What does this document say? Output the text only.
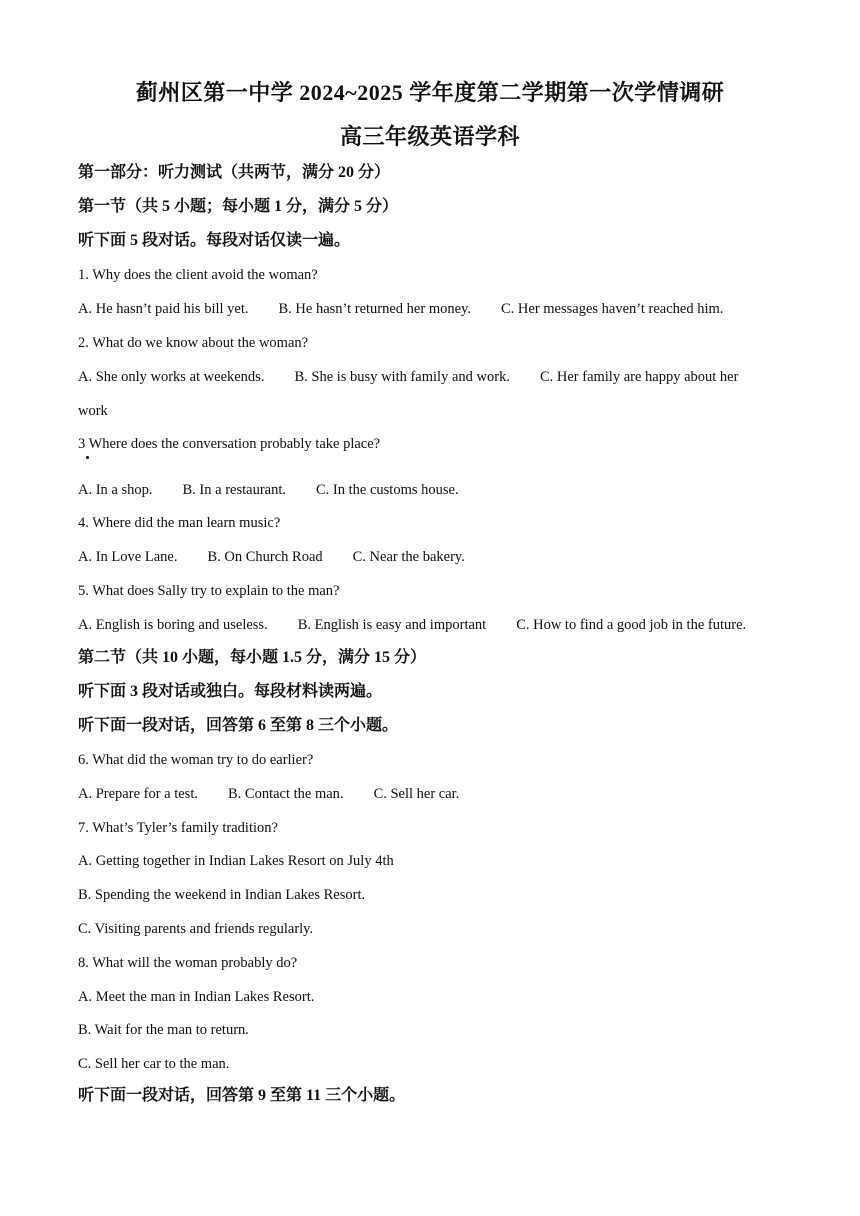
蓟州区第一中学 2024~2025 学年度第二学期第一次学情调研
高三年级英语学科
第一部分：听力测试（共两节，满分 20 分）
第一节（共 5 小题；每小题 1 分，满分 5 分）
听下面 5 段对话。每段对话仅读一遍。
1. Why does the client avoid the woman?
A. He hasn’t paid his bill yet. B. He hasn’t returned her money. C. Her messages haven’t reached him.
2. What do we know about the woman?
A. She only works at weekends. B. She is busy with family and work. C. Her family are happy about her
work
3 Where does the conversation probably take place?
A. In a shop. B. In a restaurant. C. In the customs house.
4. Where did the man learn music?
A. In Love Lane. B. On Church Road C. Near the bakery.
5. What does Sally try to explain to the man?
A. English is boring and useless. B. English is easy and important C. How to find a good job in the future.
第二节（共 10 小题，每小题 1.5 分，满分 15 分）
听下面 3 段对话或独白。每段材料读两遍。
听下面一段对话，回答第 6 至第 8 三个小题。
6. What did the woman try to do earlier?
A. Prepare for a test. B. Contact the man. C. Sell her car.
7. What’s Tyler’s family tradition?
A. Getting together in Indian Lakes Resort on July 4th
B. Spending the weekend in Indian Lakes Resort.
C. Visiting parents and friends regularly.
8. What will the woman probably do?
A. Meet the man in Indian Lakes Resort.
B. Wait for the man to return.
C. Sell her car to the man.
听下面一段对话，回答第 9 至第 11 三个小题。
